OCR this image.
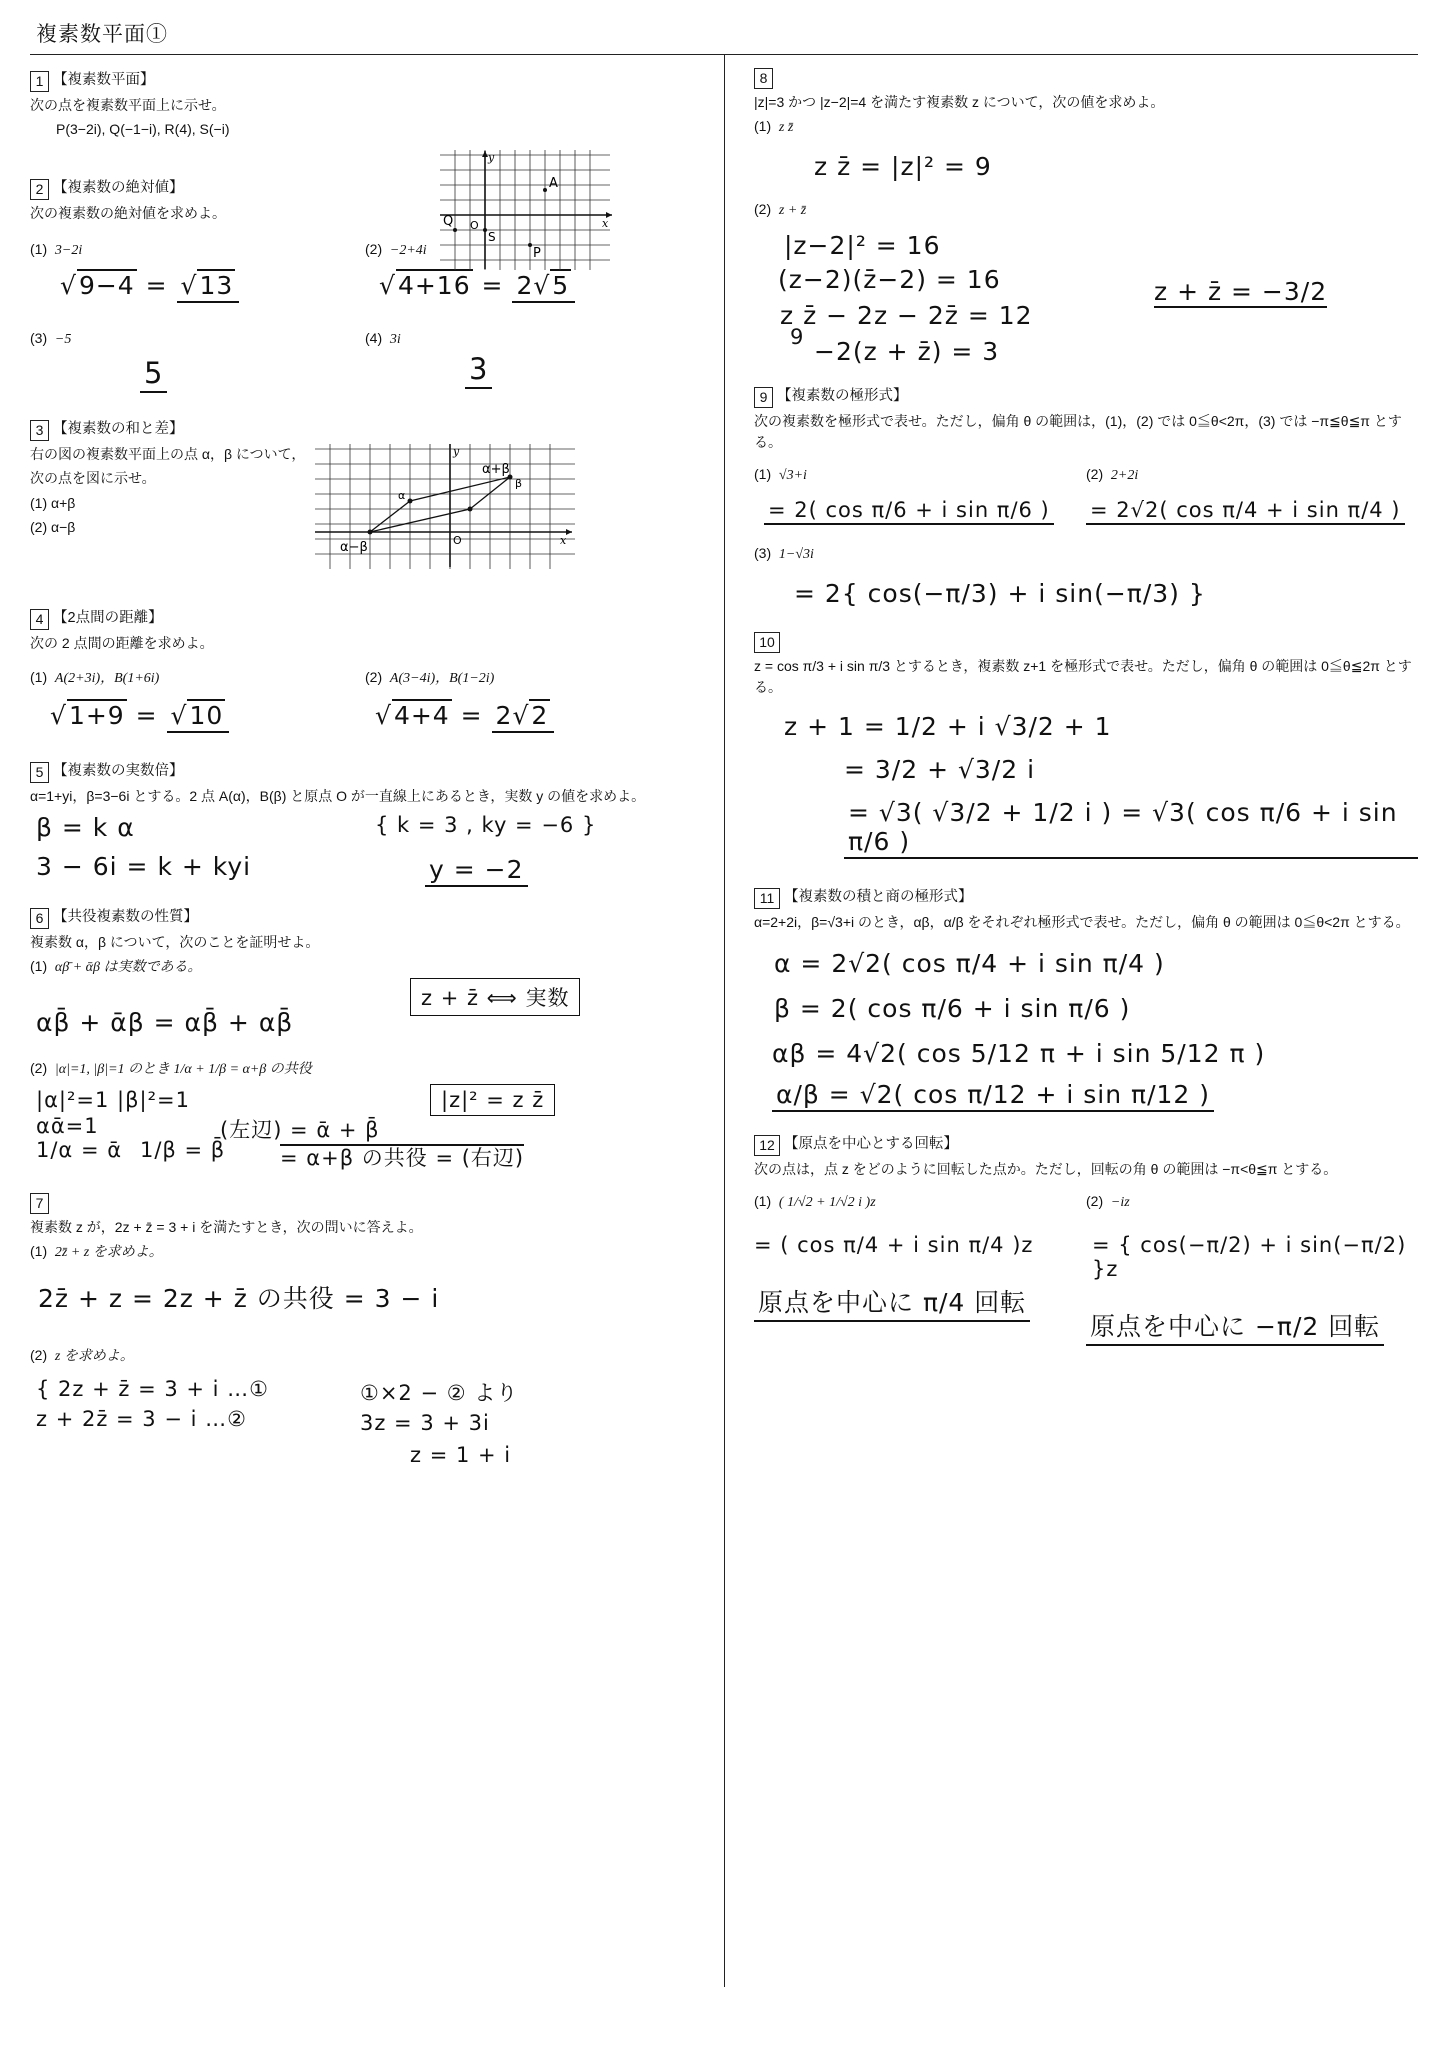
複素数平面①
1 【複素数平面】
次の点を複素数平面上に示せ。
P(3−2i), Q(−1−i), R(4), S(−i)
y
x
O
A
P
Q
S
2 【複素数の絶対値】
次の複素数の絶対値を求めよ。
(1) 3−2i
√ 9−4 = √ 13
(2) −2+4i
√ 4+16 = 2 √ 5
(3) −5
5
(4) 3i
3
3 【複素数の和と差】
右の図の複素数平面上の点 α，β について，
次の点を図に示せ。
(1) α+β
(2) α−β
y
x
O
α+β
β
α
α−β
4 【2点間の距離】
次の 2 点間の距離を求めよ。
(1) A(2+3i)，B(1+6i)
√ 1+9 = √ 10
(2) A(3−4i)，B(1−2i)
√ 4+4 = 2 √ 2
5 【複素数の実数倍】
α=1+yi，β=3−6i とする。2 点 A(α)，B(β) と原点 O が一直線上にあるとき，実数 y の値を求めよ。
β = k α
3 − 6i = k + kyi
{ k = 3 , ky = −6 }
y = −2
6 【共役複素数の性質】
複素数 α，β について，次のことを証明せよ。
(1) αβ̄ + ᾱβ は実数である。
αβ̄ + ᾱβ = αβ̄ + αβ̄
z + z̄ ⟺ 実数
(2) |α|=1, |β|=1 のとき 1/α + 1/β = α+β の共役
|α|²=1 |β|²=1
αᾱ=1
1/α = ᾱ 1/β = β̄
(左辺) = ᾱ + β̄
= α+β の共役 = (右辺)
|z|² = z z̄
7
複素数 z が，2z + z̄ = 3 + i を満たすとき，次の問いに答えよ。
(1) 2z̄ + z を求めよ。
2z̄ + z = 2z + z̄ の共役 = 3 − i
(2) z を求めよ。
{ 2z + z̄ = 3 + i …①
z + 2z̄ = 3 − i …②
①×2 − ② より
3z = 3 + 3i
z = 1 + i
8
|z|=3 かつ |z−2|=4 を満たす複素数 z について，次の値を求めよ。
(1) z z̄
z z̄ = |z|² = 9
(2) z + z̄
|z−2|² = 16
(z−2)(z̄−2) = 16
z z̄ − 2z − 2z̄ = 12
9 −2(z + z̄) = 3
z + z̄ = −3/2
9 【複素数の極形式】
次の複素数を極形式で表せ。ただし，偏角 θ の範囲は，(1)，(2) では 0≦θ<2π，(3) では −π≦θ≦π とする。
(1) √3+i
= 2( cos π/6 + i sin π/6 )
(2) 2+2i
= 2√2( cos π/4 + i sin π/4 )
(3) 1−√3i
= 2{ cos(−π/3) + i sin(−π/3) }
10
z = cos π/3 + i sin π/3 とするとき，複素数 z+1 を極形式で表せ。ただし，偏角 θ の範囲は 0≦θ≦2π とする。
z + 1 = 1/2 + i √3/2 + 1
= 3/2 + √3/2 i
= √3( √3/2 + 1/2 i ) = √3( cos π/6 + i sin π/6 )
11 【複素数の積と商の極形式】
α=2+2i，β=√3+i のとき，αβ，α/β をそれぞれ極形式で表せ。ただし，偏角 θ の範囲は 0≦θ<2π とする。
α = 2√2( cos π/4 + i sin π/4 )
β = 2( cos π/6 + i sin π/6 )
αβ = 4√2( cos 5/12 π + i sin 5/12 π )
α/β = √2( cos π/12 + i sin π/12 )
12 【原点を中心とする回転】
次の点は，点 z をどのように回転した点か。ただし，回転の角 θ の範囲は −π<θ≦π とする。
(1) ( 1/√2 + 1/√2 i )z
= ( cos π/4 + i sin π/4 )z
原点を中心に π/4 回転
(2) −iz
= { cos(−π/2) + i sin(−π/2) }z
原点を中心に −π/2 回転
